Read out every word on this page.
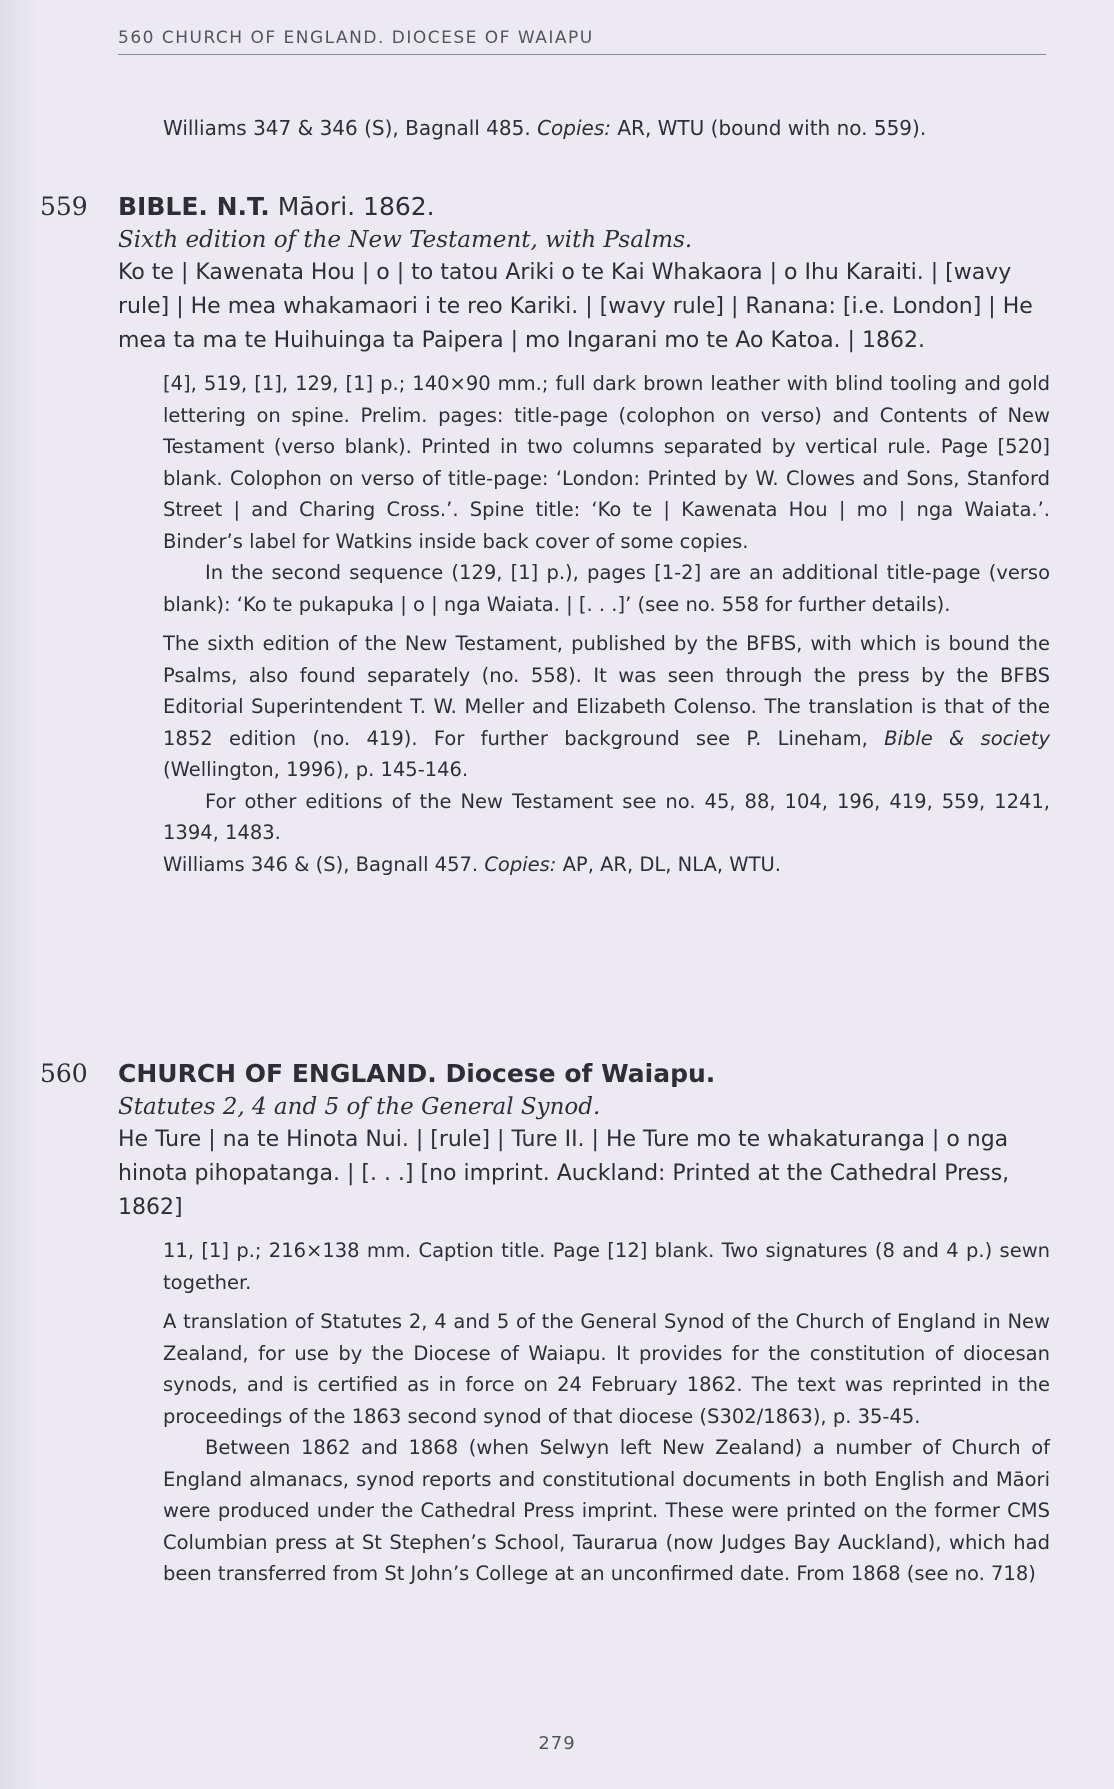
560 CHURCH OF ENGLAND. DIOCESE OF WAIAPU
Williams 347 & 346 (S), Bagnall 485. Copies: AR, WTU (bound with no. 559).
559	BIBLE. N.T. Māori. 1862.
Sixth edition of the New Testament, with Psalms.
Ko te | Kawenata Hou | o | to tatou Ariki o te Kai Whakaora | o Ihu Karaiti. | [wavy rule] | He mea whakamaori i te reo Kariki. | [wavy rule] | Ranana: [i.e. London] | He mea ta ma te Huihuinga ta Paipera | mo Ingarani mo te Ao Katoa. | 1862.

[4], 519, [1], 129, [1] p.; 140×90 mm.; full dark brown leather with blind tooling and gold lettering on spine. Prelim. pages: title-page (colophon on verso) and Contents of New Testament (verso blank). Printed in two columns separated by vertical rule. Page [520] blank. Colophon on verso of title-page: ‘London: Printed by W. Clowes and Sons, Stanford Street | and Charing Cross.’. Spine title: ‘Ko te | Kawenata Hou | mo | nga Waiata.’. Binder’s label for Watkins inside back cover of some copies.

In the second sequence (129, [1] p.), pages [1-2] are an additional title-page (verso blank): ‘Ko te pukapuka | o | nga Waiata. | [. . .]’ (see no. 558 for further details).

The sixth edition of the New Testament, published by the BFBS, with which is bound the Psalms, also found separately (no. 558). It was seen through the press by the BFBS Editorial Superintendent T. W. Meller and Elizabeth Colenso. The translation is that of the 1852 edition (no. 419). For further background see P. Lineham, Bible & society (Wellington, 1996), p. 145-146.

For other editions of the New Testament see no. 45, 88, 104, 196, 419, 559, 1241, 1394, 1483.

Williams 346 & (S), Bagnall 457. Copies: AP, AR, DL, NLA, WTU.

560	CHURCH OF ENGLAND. Diocese of Waiapu.
Statutes 2, 4 and 5 of the General Synod.
He Ture | na te Hinota Nui. | [rule] | Ture II. | He Ture mo te whakaturanga | o nga hinota pihopatanga. | [. . .] [no imprint. Auckland: Printed at the Cathedral Press, 1862]

11, [1] p.; 216×138 mm. Caption title. Page [12] blank. Two signatures (8 and 4 p.) sewn together.

A translation of Statutes 2, 4 and 5 of the General Synod of the Church of England in New Zealand, for use by the Diocese of Waiapu. It provides for the constitution of diocesan synods, and is certified as in force on 24 February 1862. The text was reprinted in the proceedings of the 1863 second synod of that diocese (S302/1863), p. 35-45.

Between 1862 and 1868 (when Selwyn left New Zealand) a number of Church of England almanacs, synod reports and constitutional documents in both English and Māori were produced under the Cathedral Press imprint. These were printed on the former CMS Columbian press at St Stephen’s School, Taurarua (now Judges Bay Auckland), which had been transferred from St John’s College at an unconfirmed date. From 1868 (see no. 718)

279
